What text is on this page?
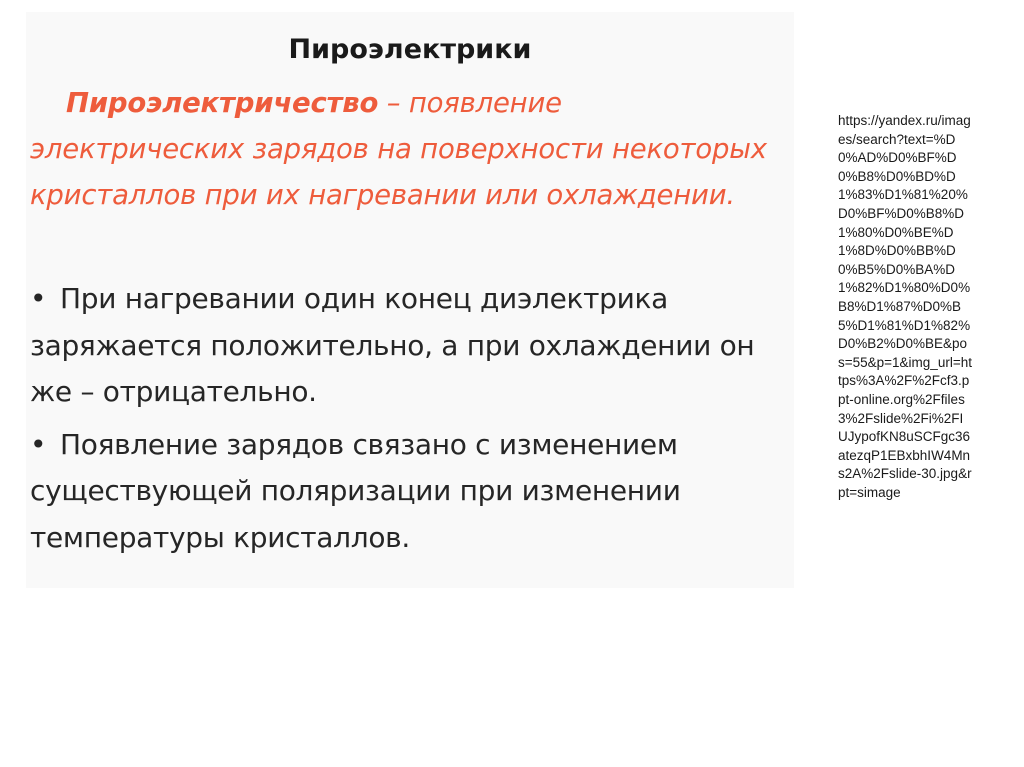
Пироэлектрики

Пироэлектричество – появление электрических зарядов на поверхности некоторых кристаллов при их нагревании или охлаждении.

• При нагревании один конец диэлектрика заряжается положительно, а при охлаждении он же – отрицательно.
• Появление зарядов связано с изменением существующей поляризации при изменении температуры кристаллов.

https://yandex.ru/images/search?text=%D0%AD%D0%BF%D0%B8%D0%BD%D1%83%D1%81%20%D0%BF%D0%B8%D1%80%D0%BE%D1%8D%D0%BB%D0%B5%D0%BA%D1%82%D1%80%D0%B8%D1%87%D0%B5%D1%81%D1%82%D0%B2%D0%BE&pos=55&p=1&img_url=https%3A%2F%2Fcf3.ppt-online.org%2Ffiles3%2Fslide%2Fi%2FIUJypofKN8uSCFgc36atezqP1EBxbhIW4Mns2A%2Fslide-30.jpg&rpt=simage
